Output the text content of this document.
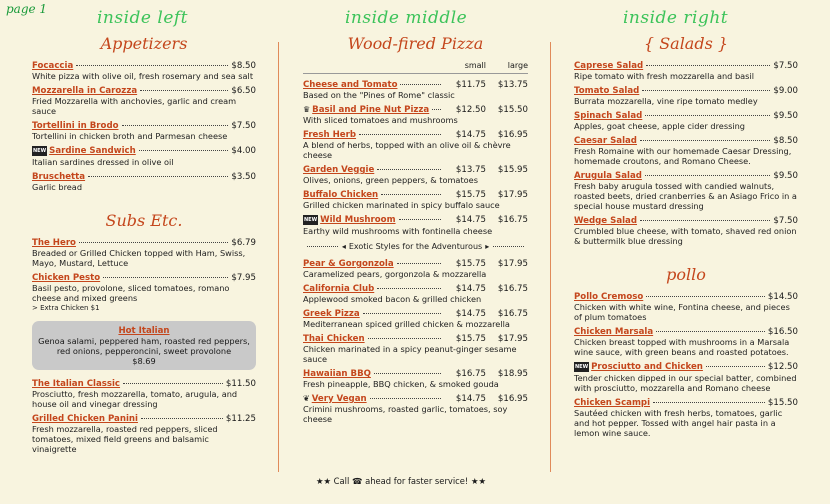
page 1	inside left	inside middle	inside right
Appetizers
Focaccia	$8.50
White pizza with olive oil, fresh rosemary and sea salt
Mozzarella in Carozza	$6.50
Fried Mozzarella with anchovies, garlic and cream sauce
Tortellini in Brodo	$7.50
Tortellini in chicken broth and Parmesan cheese
NEW Sardine Sandwich	$4.00
Italian sardines dressed in olive oil
Bruschetta	$3.50
Garlic bread
Subs Etc.
The Hero	$6.79
Breaded or Grilled Chicken topped with Ham, Swiss, Mayo, Mustard, Lettuce
Chicken Pesto	$7.95
Basil pesto, provolone, sliced tomatoes, romano cheese and mixed greens
> Extra Chicken $1
Hot Italian
Genoa salami, peppered ham, roasted red peppers, red onions, pepperoncini, sweet provolone
$8.69
The Italian Classic	$11.50
Prosciutto, fresh mozzarella, tomato, arugula, and house oil and vinegar dressing
Grilled Chicken Panini	$11.25
Fresh mozzarella, roasted red peppers, sliced tomatoes, mixed field greens and balsamic vinaigrette
Wood-fired Pizza
small	large
Cheese and Tomato	$11.75	$13.75
Based on the "Pines of Rome" classic
♛ Basil and Pine Nut Pizza	$12.50	$15.50
With sliced tomatoes and mushrooms
Fresh Herb	$14.75	$16.95
A blend of herbs, topped with an olive oil & chèvre cheese
Garden Veggie	$13.75	$15.95
Olives, onions, green peppers, & tomatoes
Buffalo Chicken	$15.75	$17.95
Grilled chicken marinated in spicy buffalo sauce
NEW Wild Mushroom	$14.75	$16.75
Earthy wild mushrooms with fontinella cheese
◂ Exotic Styles for the Adventurous ▸
Pear & Gorgonzola	$15.75	$17.95
Caramelized pears, gorgonzola & mozzarella
California Club	$14.75	$16.75
Applewood smoked bacon & grilled chicken
Greek Pizza	$14.75	$16.75
Mediterranean spiced grilled chicken & mozzarella
Thai Chicken	$15.75	$17.95
Chicken marinated in a spicy peanut-ginger sesame sauce
Hawaiian BBQ	$16.75	$18.95
Fresh pineapple, BBQ chicken, & smoked gouda
❦ Very Vegan	$14.75	$16.95
Crimini mushrooms, roasted garlic, tomatoes, soy cheese
{ Salads }
Caprese Salad	$7.50
Ripe tomato with fresh mozzarella and basil
Tomato Salad	$9.00
Burrata mozzarella, vine ripe tomato medley
Spinach Salad	$9.50
Apples, goat cheese, apple cider dressing
Caesar Salad	$8.50
Fresh Romaine with our homemade Caesar Dressing, homemade croutons, and Romano Cheese.
Arugula Salad	$9.50
Fresh baby arugula tossed with candied walnuts, roasted beets, dried cranberries & an Asiago Frico in a special house mustard dressing
Wedge Salad	$7.50
Crumbled blue cheese, with tomato, shaved red onion & buttermilk blue dressing
pollo
Pollo Cremoso	$14.50
Chicken with white wine, Fontina cheese, and pieces of plum tomatoes
Chicken Marsala	$16.50
Chicken breast topped with mushrooms in a Marsala wine sauce, with green beans and roasted potatoes.
NEW Prosciutto and Chicken	$12.50
Tender chicken dipped in our special batter, combined with prosciutto, mozzarella and Romano cheese
Chicken Scampi	$15.50
Sautéed chicken with fresh herbs, tomatoes, garlic and hot pepper. Tossed with angel hair pasta in a lemon wine sauce.
★★ Call ☎ ahead for faster service! ★★
